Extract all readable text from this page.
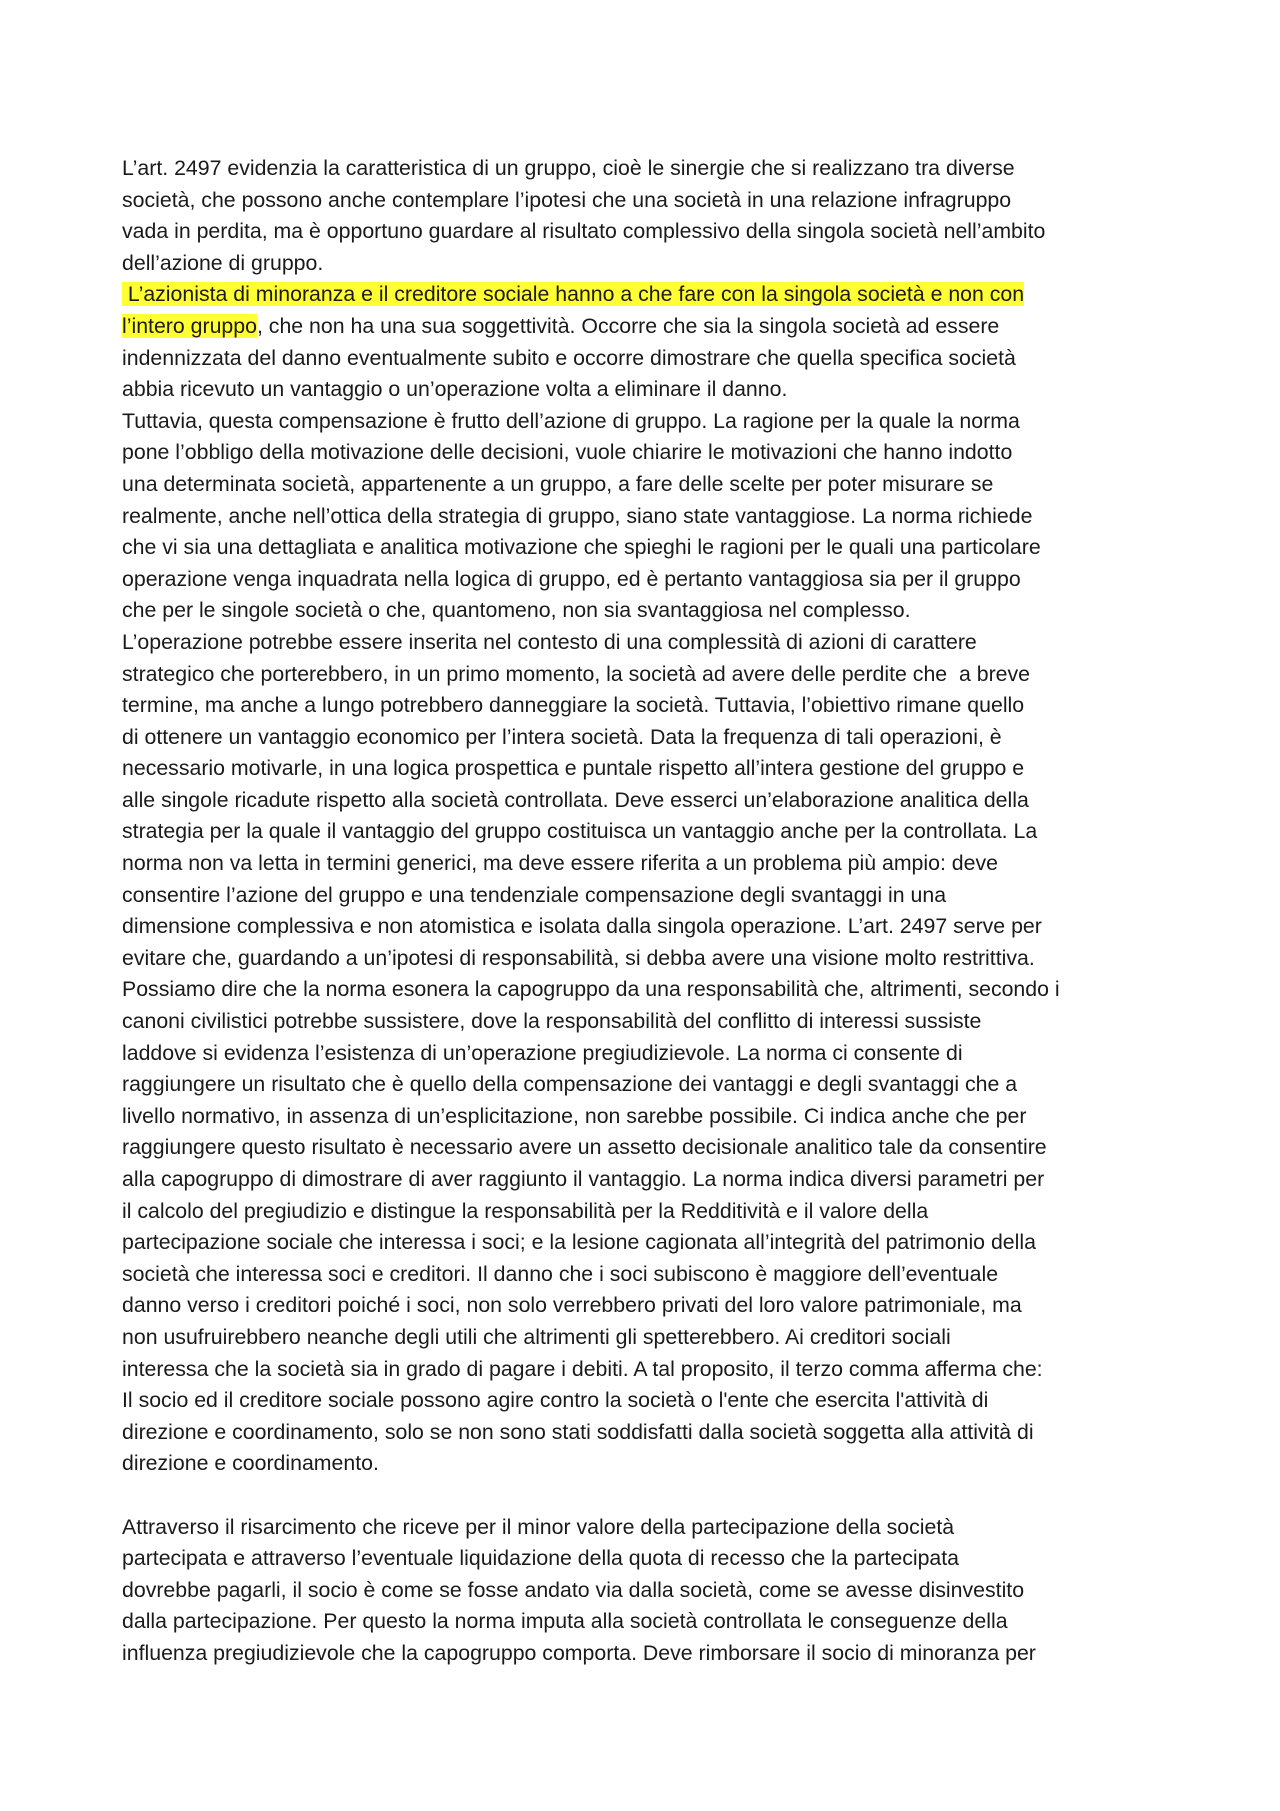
L’art. 2497 evidenzia la caratteristica di un gruppo, cioè le sinergie che si realizzano tra diverse
società, che possono anche contemplare l’ipotesi che una società in una relazione infragruppo
vada in perdita, ma è opportuno guardare al risultato complessivo della singola società nell’ambito
dell’azione di gruppo.
L’azionista di minoranza e il creditore sociale hanno a che fare con la singola società e non con
l’intero gruppo, che non ha una sua soggettività. Occorre che sia la singola società ad essere
indennizzata del danno eventualmente subito e occorre dimostrare che quella specifica società
abbia ricevuto un vantaggio o un’operazione volta a eliminare il danno.
Tuttavia, questa compensazione è frutto dell’azione di gruppo. La ragione per la quale la norma
pone l’obbligo della motivazione delle decisioni, vuole chiarire le motivazioni che hanno indotto
una determinata società, appartenente a un gruppo, a fare delle scelte per poter misurare se
realmente, anche nell’ottica della strategia di gruppo, siano state vantaggiose. La norma richiede
che vi sia una dettagliata e analitica motivazione che spieghi le ragioni per le quali una particolare
operazione venga inquadrata nella logica di gruppo, ed è pertanto vantaggiosa sia per il gruppo
che per le singole società o che, quantomeno, non sia svantaggiosa nel complesso.
L’operazione potrebbe essere inserita nel contesto di una complessità di azioni di carattere
strategico che porterebbero, in un primo momento, la società ad avere delle perdite che  a breve
termine, ma anche a lungo potrebbero danneggiare la società. Tuttavia, l’obiettivo rimane quello
di ottenere un vantaggio economico per l’intera società. Data la frequenza di tali operazioni, è
necessario motivarle, in una logica prospettica e puntale rispetto all’intera gestione del gruppo e
alle singole ricadute rispetto alla società controllata. Deve esserci un’elaborazione analitica della
strategia per la quale il vantaggio del gruppo costituisca un vantaggio anche per la controllata. La
norma non va letta in termini generici, ma deve essere riferita a un problema più ampio: deve
consentire l’azione del gruppo e una tendenziale compensazione degli svantaggi in una
dimensione complessiva e non atomistica e isolata dalla singola operazione. L’art. 2497 serve per
evitare che, guardando a un’ipotesi di responsabilità, si debba avere una visione molto restrittiva.
Possiamo dire che la norma esonera la capogruppo da una responsabilità che, altrimenti, secondo i
canoni civilistici potrebbe sussistere, dove la responsabilità del conflitto di interessi sussiste
laddove si evidenza l’esistenza di un’operazione pregiudizievole. La norma ci consente di
raggiungere un risultato che è quello della compensazione dei vantaggi e degli svantaggi che a
livello normativo, in assenza di un’esplicitazione, non sarebbe possibile. Ci indica anche che per
raggiungere questo risultato è necessario avere un assetto decisionale analitico tale da consentire
alla capogruppo di dimostrare di aver raggiunto il vantaggio. La norma indica diversi parametri per
il calcolo del pregiudizio e distingue la responsabilità per la Redditività e il valore della
partecipazione sociale che interessa i soci; e la lesione cagionata all’integrità del patrimonio della
società che interessa soci e creditori. Il danno che i soci subiscono è maggiore dell’eventuale
danno verso i creditori poiché i soci, non solo verrebbero privati del loro valore patrimoniale, ma
non usufruirebbero neanche degli utili che altrimenti gli spetterebbero. Ai creditori sociali
interessa che la società sia in grado di pagare i debiti. A tal proposito, il terzo comma afferma che:
Il socio ed il creditore sociale possono agire contro la società o l'ente che esercita l'attività di
direzione e coordinamento, solo se non sono stati soddisfatti dalla società soggetta alla attività di
direzione e coordinamento.
Attraverso il risarcimento che riceve per il minor valore della partecipazione della società
partecipata e attraverso l’eventuale liquidazione della quota di recesso che la partecipata
dovrebbe pagarli, il socio è come se fosse andato via dalla società, come se avesse disinvestito
dalla partecipazione. Per questo la norma imputa alla società controllata le conseguenze della
influenza pregiudizievole che la capogruppo comporta. Deve rimborsare il socio di minoranza per
